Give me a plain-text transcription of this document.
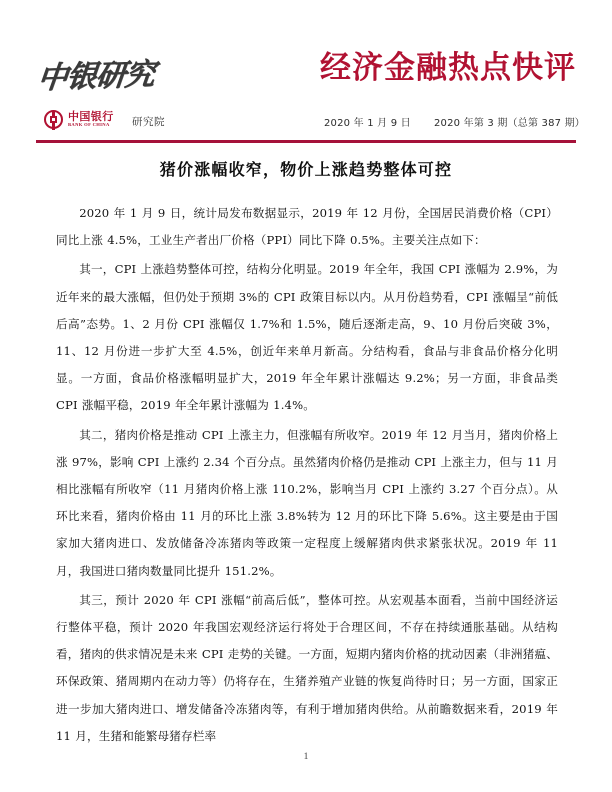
中银研究	经济金融热点快评
中国银行
BANK OF CHINA	研究院	2020 年 1 月 9 日 2020 年第 3 期（总第 387 期）
猪价涨幅收窄，物价上涨趋势整体可控

2020 年 1 月 9 日，统计局发布数据显示，2019 年 12 月份，全国居民消费价格（CPI）同比上涨 4.5%，工业生产者出厂价格（PPI）同比下降 0.5%。主要关注点如下：

其一，CPI 上涨趋势整体可控，结构分化明显。2019 年全年，我国 CPI 涨幅为 2.9%，为近年来的最大涨幅，但仍处于预期 3%的 CPI 政策目标以内。从月份趋势看，CPI 涨幅呈“前低后高”态势。1、2 月份 CPI 涨幅仅 1.7%和 1.5%，随后逐渐走高，9、10 月份后突破 3%，11、12 月份进一步扩大至 4.5%，创近年来单月新高。分结构看，食品与非食品价格分化明显。一方面，食品价格涨幅明显扩大，2019 年全年累计涨幅达 9.2%；另一方面，非食品类 CPI 涨幅平稳，2019 年全年累计涨幅为 1.4%。

其二，猪肉价格是推动 CPI 上涨主力，但涨幅有所收窄。2019 年 12 月当月，猪肉价格上涨 97%，影响 CPI 上涨约 2.34 个百分点。虽然猪肉价格仍是推动 CPI 上涨主力，但与 11 月相比涨幅有所收窄（11 月猪肉价格上涨 110.2%，影响当月 CPI 上涨约 3.27 个百分点）。从环比来看，猪肉价格由 11 月的环比上涨 3.8%转为 12 月的环比下降 5.6%。这主要是由于国家加大猪肉进口、发放储备冷冻猪肉等政策一定程度上缓解猪肉供求紧张状况。2019 年 11 月，我国进口猪肉数量同比提升 151.2%。

其三，预计 2020 年 CPI 涨幅“前高后低”，整体可控。从宏观基本面看，当前中国经济运行整体平稳，预计 2020 年我国宏观经济运行将处于合理区间，不存在持续通胀基础。从结构看，猪肉的供求情况是未来 CPI 走势的关键。一方面，短期内猪肉价格的扰动因素（非洲猪瘟、环保政策、猪周期内在动力等）仍将存在，生猪养殖产业链的恢复尚待时日；另一方面，国家正进一步加大猪肉进口、增发储备冷冻猪肉等，有利于增加猪肉供给。从前瞻数据来看，2019 年 11 月，生猪和能繁母猪存栏率

1
